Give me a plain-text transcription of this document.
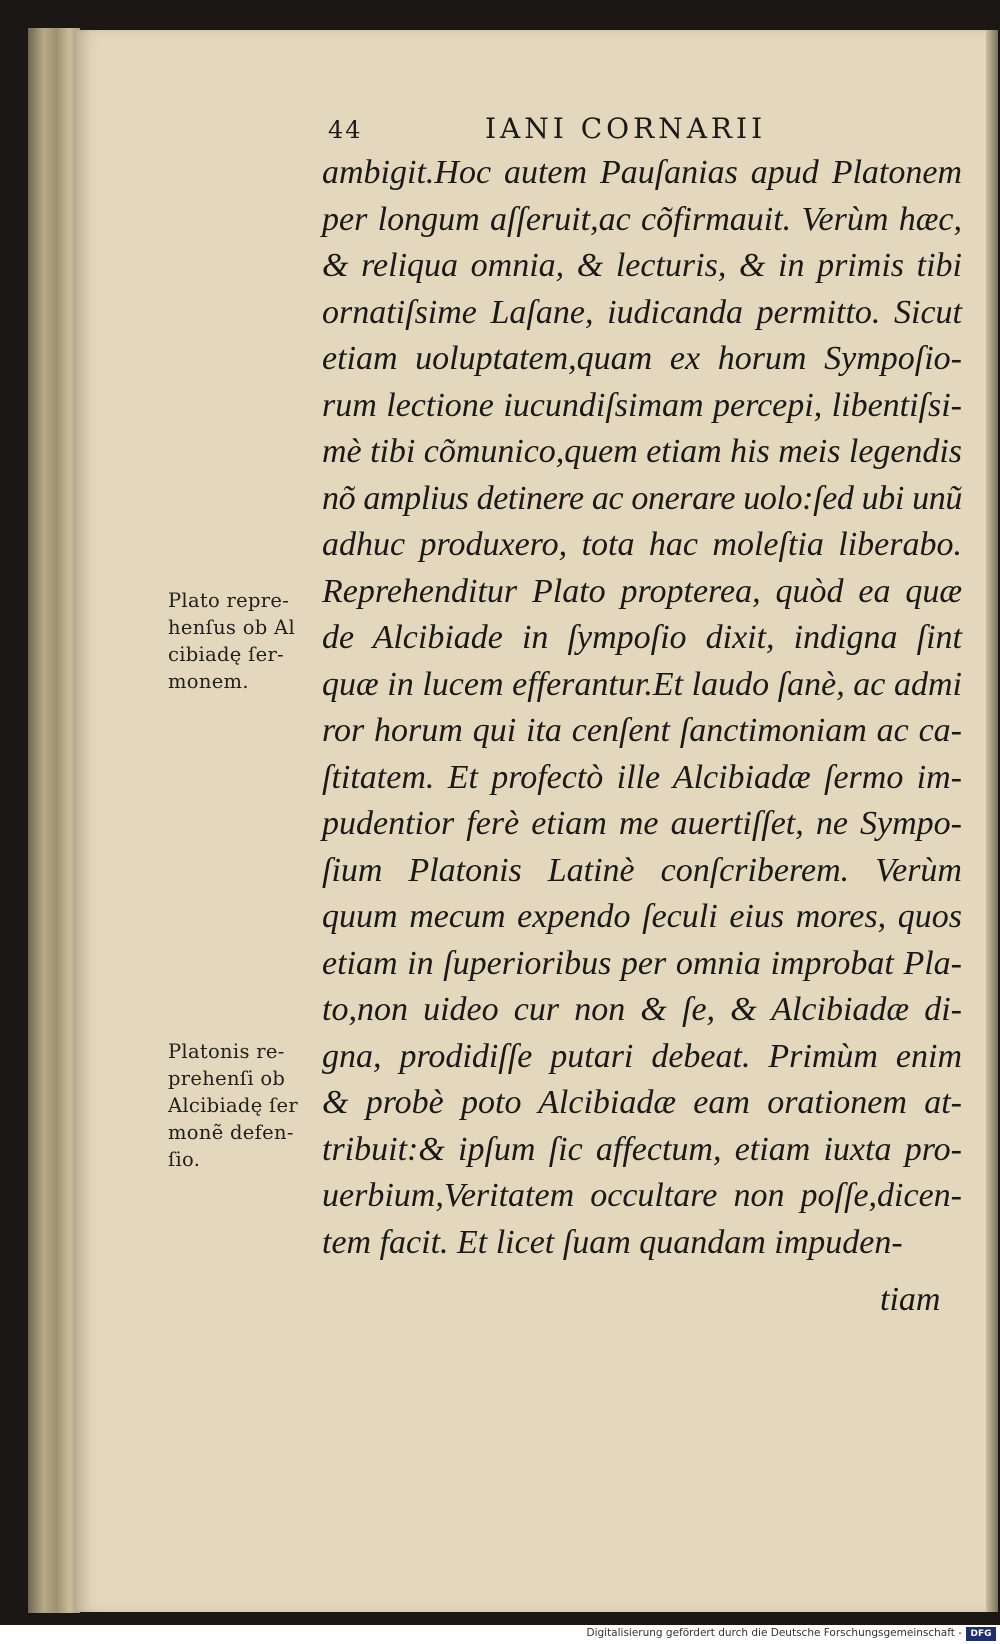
44	IANI CORNARII
ambigit.Hoc autem Pauſanias apud Platonem
per longum aſſeruit,ac cõfirmauit. Verùm hæc,
& reliqua omnia, & lecturis, & in primis tibi
ornatiſsime Laſane, iudicanda permitto. Sicut
etiam uoluptatem,quam ex horum Sympoſio-
rum lectione iucundiſsimam percepi, libentiſsi-
mè tibi cõmunico,quem etiam his meis legendis
nõ amplius detinere ac onerare uolo:ſed ubi unũ
adhuc produxero, tota hac moleſtia liberabo.
Reprehenditur Plato propterea, quòd ea quæ
de Alcibiade in ſympoſio dixit, indigna ſint
quæ in lucem efferantur.Et laudo ſanè, ac admi
ror horum qui ita cenſent ſanctimoniam ac ca-
ſtitatem. Et profectò ille Alcibiadæ ſermo im-
pudentior ferè etiam me auertiſſet, ne Sympo-
ſium Platonis Latinè conſcriberem. Verùm
quum mecum expendo ſeculi eius mores, quos
etiam in ſuperioribus per omnia improbat Pla-
to,non uideo cur non & ſe, & Alcibiadæ di-
gna, prodidiſſe putari debeat. Primùm enim
& probè poto Alcibiadæ eam orationem at-
tribuit:& ipſum ſic affectum, etiam iuxta pro-
uerbium,Veritatem occultare non poſſe,dicen-
tem facit. Et licet ſuam quandam impuden-
tiam
Plato repre-
henſus ob Al
cibiadę ſer-
monem.
Platonis re-
prehenſi ob
Alcibiadę ſer
monẽ defen-
ſio.
Digitalisierung gefördert durch die Deutsche Forschungsgemeinschaft - DFG
